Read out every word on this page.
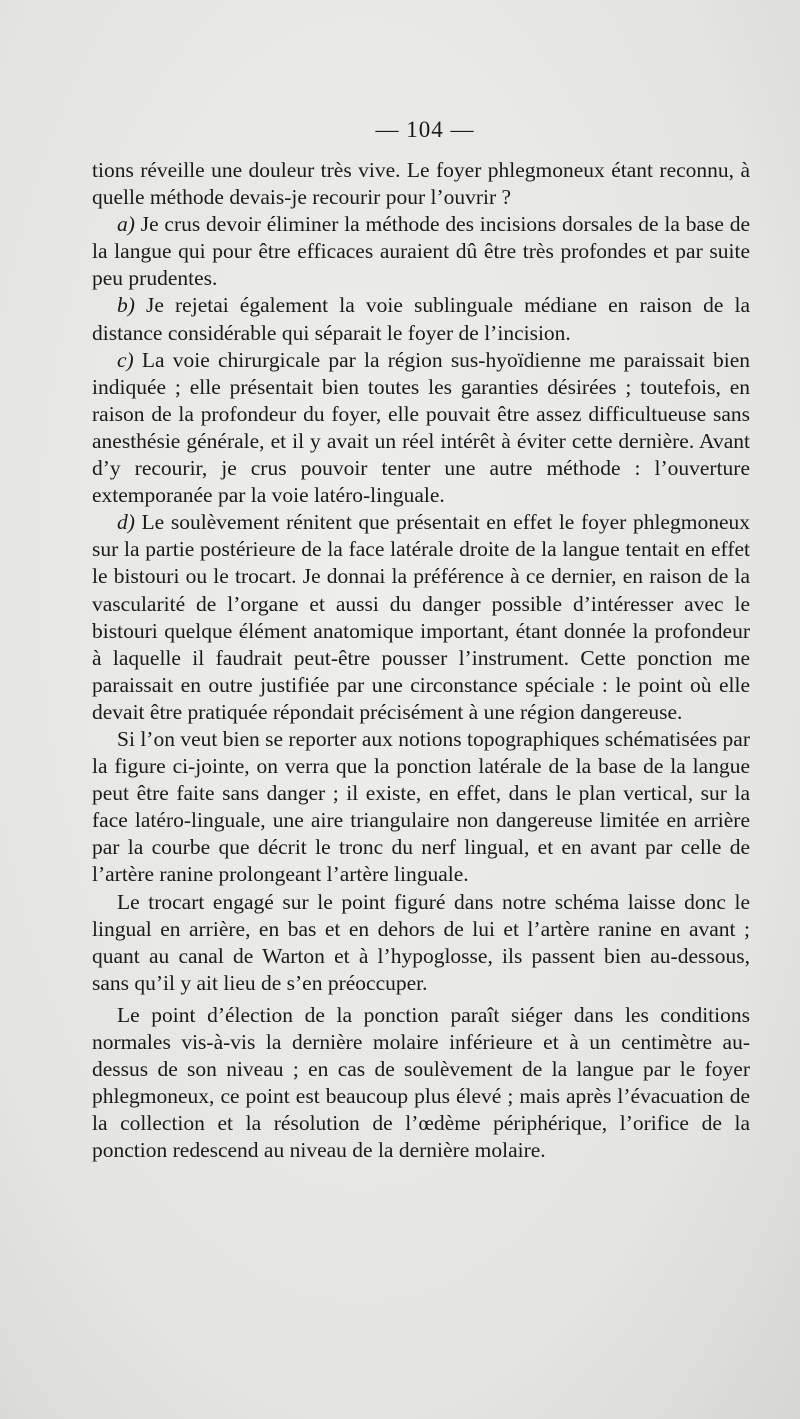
— 104 —

tions réveille une douleur très vive. Le foyer phlegmoneux étant reconnu, à quelle méthode devais-je recourir pour l’ouvrir ?

a) Je crus devoir éliminer la méthode des incisions dorsales de la base de la langue qui pour être efficaces auraient dû être très profondes et par suite peu prudentes.

b) Je rejetai également la voie sublinguale médiane en raison de la distance considérable qui séparait le foyer de l’incision.

c) La voie chirurgicale par la région sus-hyoïdienne me paraissait bien indiquée ; elle présentait bien toutes les garanties désirées ; toutefois, en raison de la profondeur du foyer, elle pouvait être assez difficultueuse sans anesthésie générale, et il y avait un réel intérêt à éviter cette dernière. Avant d’y recourir, je crus pouvoir tenter une autre méthode : l’ouverture extemporanée par la voie latéro-linguale.

d) Le soulèvement rénitent que présentait en effet le foyer phlegmoneux sur la partie postérieure de la face latérale droite de la langue tentait en effet le bistouri ou le trocart. Je donnai la préférence à ce dernier, en raison de la vascularité de l’organe et aussi du danger possible d’intéresser avec le bistouri quelque élément anatomique important, étant donnée la profondeur à laquelle il faudrait peut-être pousser l’instrument. Cette ponction me paraissait en outre justifiée par une circonstance spéciale : le point où elle devait être pratiquée répondait précisément à une région dangereuse.

Si l’on veut bien se reporter aux notions topographiques schématisées par la figure ci-jointe, on verra que la ponction latérale de la base de la langue peut être faite sans danger ; il existe, en effet, dans le plan vertical, sur la face latéro-linguale, une aire triangulaire non dangereuse limitée en arrière par la courbe que décrit le tronc du nerf lingual, et en avant par celle de l’artère ranine prolongeant l’artère linguale.

Le trocart engagé sur le point figuré dans notre schéma laisse donc le lingual en arrière, en bas et en dehors de lui et l’artère ranine en avant ; quant au canal de Warton et à l’hypoglosse, ils passent bien au-dessous, sans qu’il y ait lieu de s’en préoccuper.

Le point d’élection de la ponction paraît siéger dans les conditions normales vis-à-vis la dernière molaire inférieure et à un centimètre au-dessus de son niveau ; en cas de soulèvement de la langue par le foyer phlegmoneux, ce point est beaucoup plus élevé ; mais après l’évacuation de la collection et la résolution de l’œdème périphérique, l’orifice de la ponction redescend au niveau de la dernière molaire.
